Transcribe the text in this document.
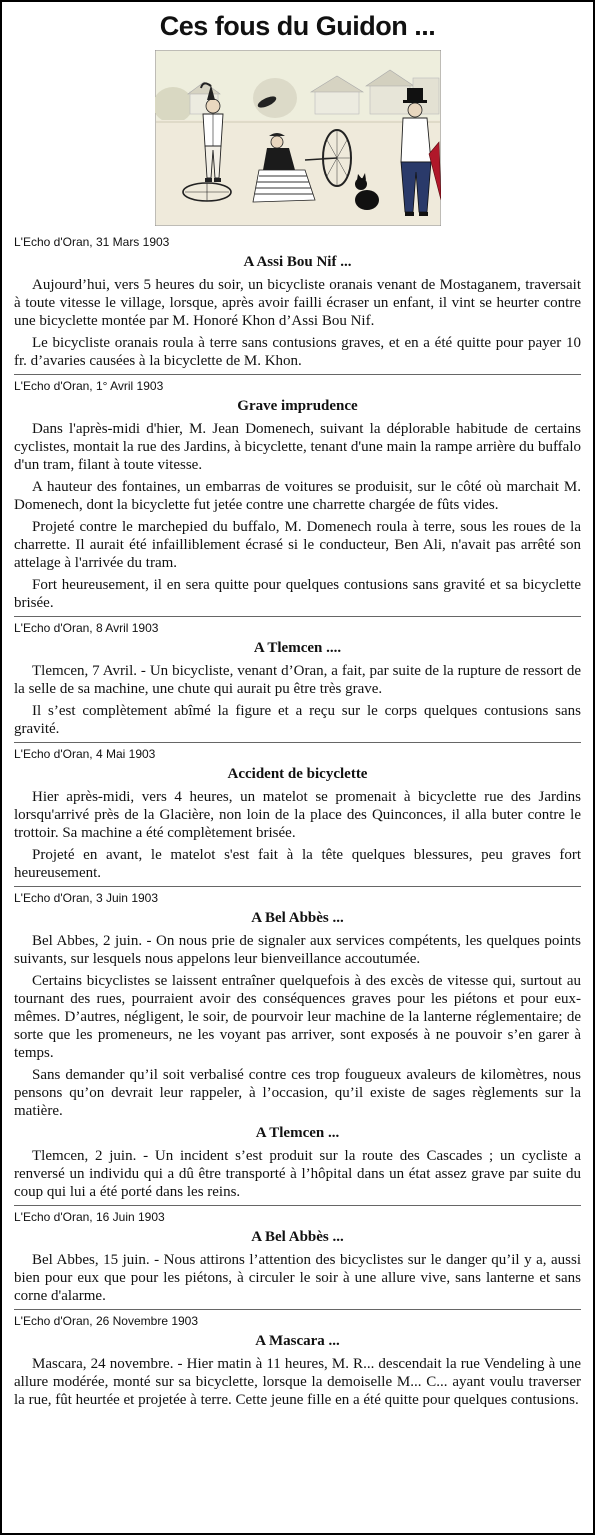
Ces fous du Guidon ...
L'Echo d'Oran, 31 Mars 1903
A Assi Bou Nif ...

Aujourd’hui, vers 5 heures du soir, un bicycliste oranais venant de Mostaganem, traversait à toute vitesse le village, lorsque, après avoir failli écraser un enfant, il vint se heurter contre une bicyclette montée par M. Honoré Khon d’Assi Bou Nif.

Le bicycliste oranais roula à terre sans contusions graves, et en a été quitte pour payer 10 fr. d’avaries causées à la bicyclette de M. Khon.

L'Echo d'Oran, 1° Avril 1903
Grave imprudence

Dans l'après-midi d'hier, M. Jean Domenech, suivant la déplorable habitude de certains cyclistes, montait la rue des Jardins, à bicyclette, tenant d'une main la rampe arrière du buffalo d'un tram, filant à toute vitesse.

A hauteur des fontaines, un embarras de voitures se produisit, sur le côté où marchait M. Domenech, dont la bicyclette fut jetée contre une charrette chargée de fûts vides.

Projeté contre le marchepied du buffalo, M. Domenech roula à terre, sous les roues de la charrette. Il aurait été infailliblement écrasé si le conducteur, Ben Ali, n'avait pas arrêté son attelage à l'arrivée du tram.

Fort heureusement, il en sera quitte pour quelques contusions sans gravité et sa bicyclette brisée.

L'Echo d'Oran, 8 Avril 1903
A Tlemcen ....

Tlemcen, 7 Avril. - Un bicycliste, venant d’Oran, a fait, par suite de la rupture de ressort de la selle de sa machine, une chute qui aurait pu être très grave.

Il s’est complètement abîmé la figure et a reçu sur le corps quelques contusions sans gravité.

L'Echo d'Oran, 4 Mai 1903
Accident de bicyclette

Hier après-midi, vers 4 heures, un matelot se promenait à bicyclette rue des Jardins lorsqu'arrivé près de la Glacière, non loin de la place des Quinconces, il alla buter contre le trottoir. Sa machine a été complètement brisée.

Projeté en avant, le matelot s'est fait à la tête quelques blessures, peu graves fort heureusement.

L'Echo d'Oran, 3 Juin 1903
A Bel Abbès ...

Bel Abbes, 2 juin. - On nous prie de signaler aux services compétents, les quelques points suivants, sur lesquels nous appelons leur bienveillance accoutumée.

Certains bicyclistes se laissent entraîner quelquefois à des excès de vitesse qui, surtout au tournant des rues, pourraient avoir des conséquences graves pour les piétons et pour eux-mêmes. D’autres, négligent, le soir, de pourvoir leur machine de la lanterne réglementaire; de sorte que les promeneurs, ne les voyant pas arriver, sont exposés à ne pouvoir s’en garer à temps.

Sans demander qu’il soit verbalisé contre ces trop fougueux avaleurs de kilomètres, nous pensons qu’on devrait leur rappeler, à l’occasion, qu’il existe de sages règlements sur la matière.

A Tlemcen ...

Tlemcen, 2 juin. - Un incident s’est produit sur la route des Cascades ; un cycliste a renversé un individu qui a dû être transporté à l’hôpital dans un état assez grave par suite du coup qui lui a été porté dans les reins.

L'Echo d'Oran, 16 Juin 1903
A Bel Abbès ...

Bel Abbes, 15 juin. - Nous attirons l’attention des bicyclistes sur le danger qu’il y a, aussi bien pour eux que pour les piétons, à circuler le soir à une allure vive, sans lanterne et sans corne d'alarme.

L'Echo d'Oran, 26 Novembre 1903
A Mascara ...

Mascara, 24 novembre. - Hier matin à 11 heures, M. R... descendait la rue Vendeling à une allure modérée, monté sur sa bicyclette, lorsque la demoiselle M... C... ayant voulu traverser la rue, fût heurtée et projetée à terre. Cette jeune fille en a été quitte pour quelques contusions.
